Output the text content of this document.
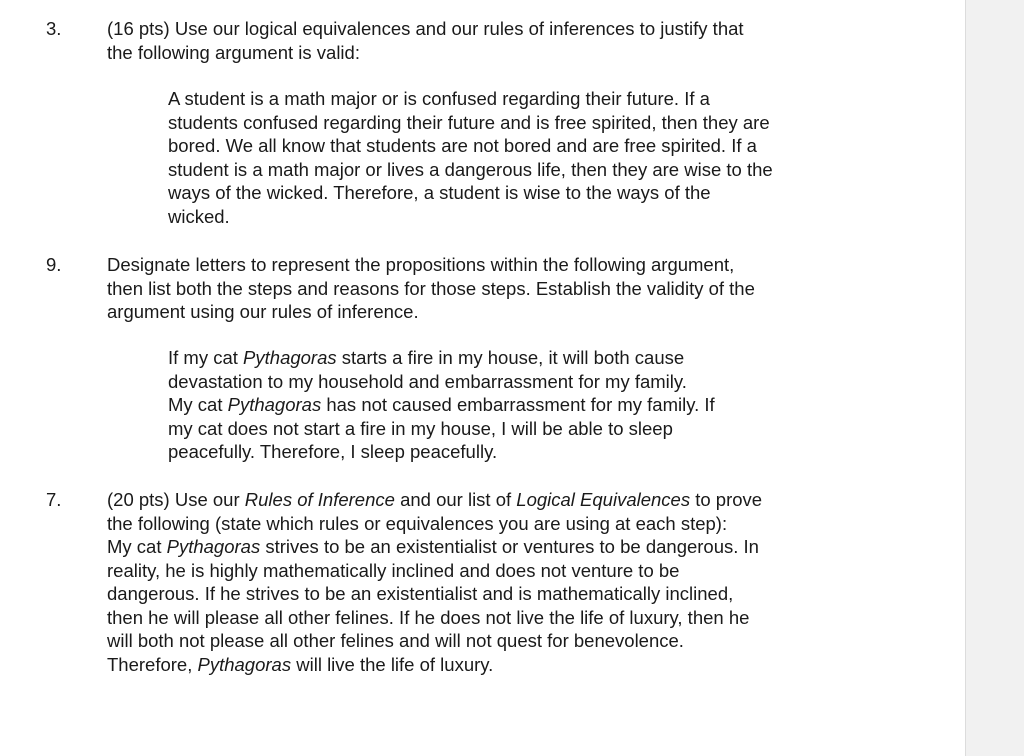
3. (16 pts) Use our logical equivalences and our rules of inferences to justify that
the following argument is valid:
A student is a math major or is confused regarding their future. If a
students confused regarding their future and is free spirited, then they are
bored. We all know that students are not bored and are free spirited. If a
student is a math major or lives a dangerous life, then they are wise to the
ways of the wicked. Therefore, a student is wise to the ways of the
wicked.
9. Designate letters to represent the propositions within the following argument,
then list both the steps and reasons for those steps. Establish the validity of the
argument using our rules of inference.
If my cat Pythagoras starts a fire in my house, it will both cause
devastation to my household and embarrassment for my family.
My cat Pythagoras has not caused embarrassment for my family. If
my cat does not start a fire in my house, I will be able to sleep
peacefully. Therefore, I sleep peacefully.
7. (20 pts) Use our Rules of Inference and our list of Logical Equivalences to prove
the following (state which rules or equivalences you are using at each step):
My cat Pythagoras strives to be an existentialist or ventures to be dangerous. In
reality, he is highly mathematically inclined and does not venture to be
dangerous. If he strives to be an existentialist and is mathematically inclined,
then he will please all other felines. If he does not live the life of luxury, then he
will both not please all other felines and will not quest for benevolence.
Therefore, Pythagoras will live the life of luxury.
